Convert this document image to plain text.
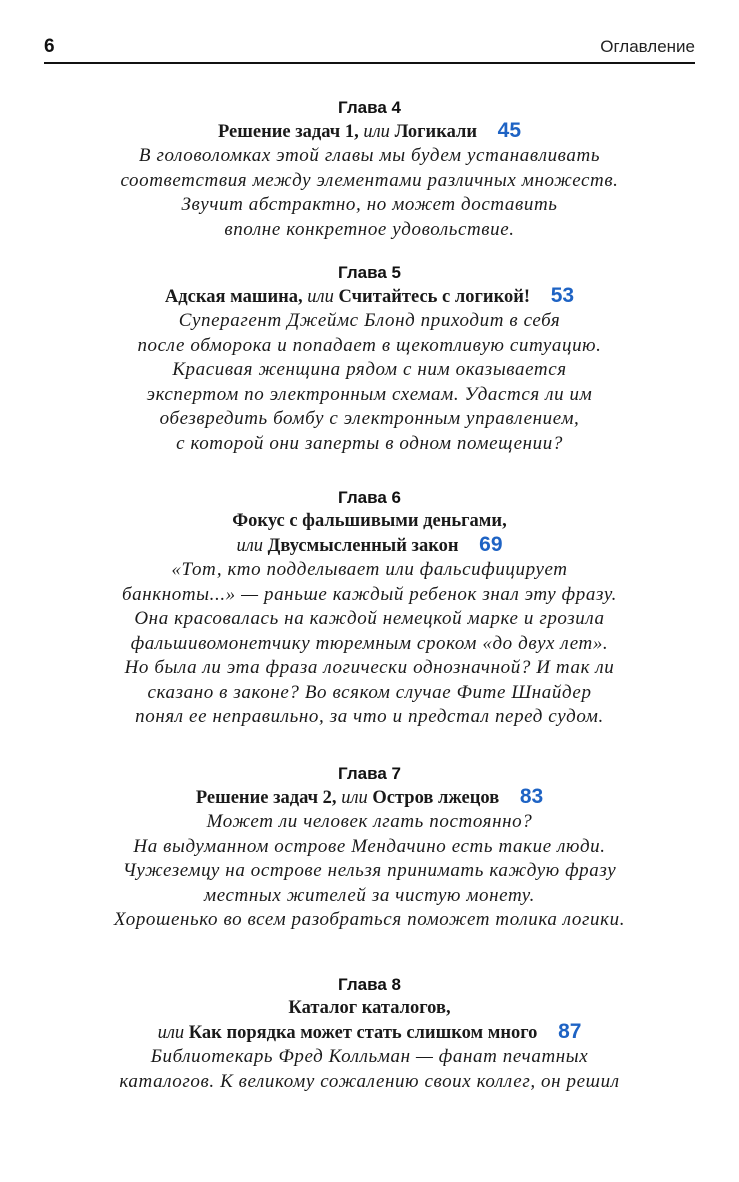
6	Оглавление
Глава 4
Решение задач 1, или Логикали 45
В головоломках этой главы мы будем устанавливать
соответствия между элементами различных множеств.
Звучит абстрактно, но может доставить
вполне конкретное удовольствие.
Глава 5
Адская машина, или Считайтесь с логикой! 53
Суперагент Джеймс Блонд приходит в себя
после обморока и попадает в щекотливую ситуацию.
Красивая женщина рядом с ним оказывается
экспертом по электронным схемам. Удастся ли им
обезвредить бомбу с электронным управлением,
с которой они заперты в одном помещении?
Глава 6
Фокус с фальшивыми деньгами,
или Двусмысленный закон 69
«Тот, кто подделывает или фальсифицирует
банкноты...» — раньше каждый ребенок знал эту фразу.
Она красовалась на каждой немецкой марке и грозила
фальшивомонетчику тюремным сроком «до двух лет».
Но была ли эта фраза логически однозначной? И так ли
сказано в законе? Во всяком случае Фите Шнайдер
понял ее неправильно, за что и предстал перед судом.
Глава 7
Решение задач 2, или Остров лжецов 83
Может ли человек лгать постоянно?
На выдуманном острове Мендачино есть такие люди.
Чужеземцу на острове нельзя принимать каждую фразу
местных жителей за чистую монету.
Хорошенько во всем разобраться поможет толика логики.
Глава 8
Каталог каталогов,
или Как порядка может стать слишком много 87
Библиотекарь Фред Колльман — фанат печатных
каталогов. К великому сожалению своих коллег, он решил
